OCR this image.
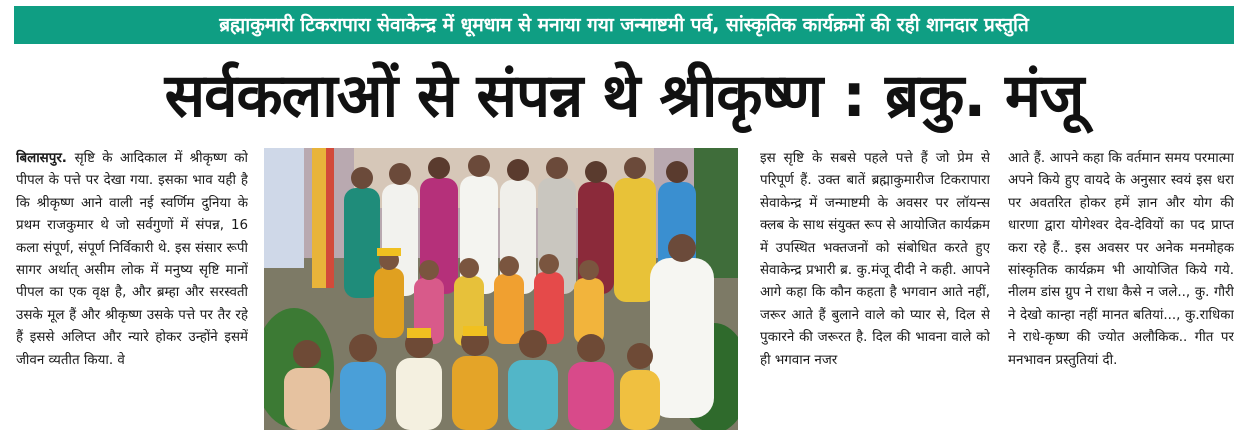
ब्रह्माकुमारी टिकरापारा सेवाकेन्द्र में धूमधाम से मनाया गया जन्माष्टमी पर्व, सांस्कृतिक कार्यक्रमों की रही शानदार प्रस्तुति
सर्वकलाओं से संपन्न थे श्रीकृष्ण : ब्रकु. मंजू
बिलासपुर. सृष्टि के आदिकाल में श्रीकृष्ण को पीपल के पत्ते पर देखा गया. इसका भाव यही है कि श्रीकृष्ण आने वाली नई स्वर्णिम दुनिया के प्रथम राजकुमार थे जो सर्वगुणों में संपन्न, 16 कला संपूर्ण, संपूर्ण निर्विकारी थे. इस संसार रूपी सागर अर्थात् असीम लोक में मनुष्य सृष्टि मानों पीपल का एक वृक्ष है, और ब्रम्हा और सरस्वती उसके मूल हैं और श्रीकृष्ण उसके पत्ते पर तैर रहे हैं इससे अलिप्त और न्यारे होकर उन्होंने इसमें जीवन व्यतीत किया. वे
इस सृष्टि के सबसे पहले पत्ते हैं जो प्रेम से परिपूर्ण हैं. उक्त बातें ब्रह्माकुमारीज टिकरापारा सेवाकेन्द्र में जन्माष्टमी के अवसर पर लॉयन्स क्लब के साथ संयुक्त रूप से आयोजित कार्यक्रम में उपस्थित भक्तजनों को संबोधित करते हुए सेवाकेन्द्र प्रभारी ब्र. कु.मंजू दीदी ने कही. आपने आगे कहा कि कौन कहता है भगवान आते नहीं, जरूर आते हैं बुलाने वाले को प्यार से, दिल से पुकारने की जरूरत है. दिल की भावना वाले को ही भगवान नजर
आते हैं. आपने कहा कि वर्तमान समय परमात्मा अपने किये हुए वायदे के अनुसार स्वयं इस धरा पर अवतरित होकर हमें ज्ञान और योग की धारणा द्वारा योगेश्वर देव-देवियों का पद प्राप्त करा रहे हैं.. इस अवसर पर अनेक मनमोहक सांस्कृतिक कार्यक्रम भी आयोजित किये गये. नीलम डांस ग्रुप ने राधा कैसे न जले.., कु. गौरी ने देखो कान्हा नहीं मानत बतियां..., कु.राधिका ने राधे-कृष्ण की ज्योत अलौकिक.. गीत पर मनभावन प्रस्तुतियां दी.
